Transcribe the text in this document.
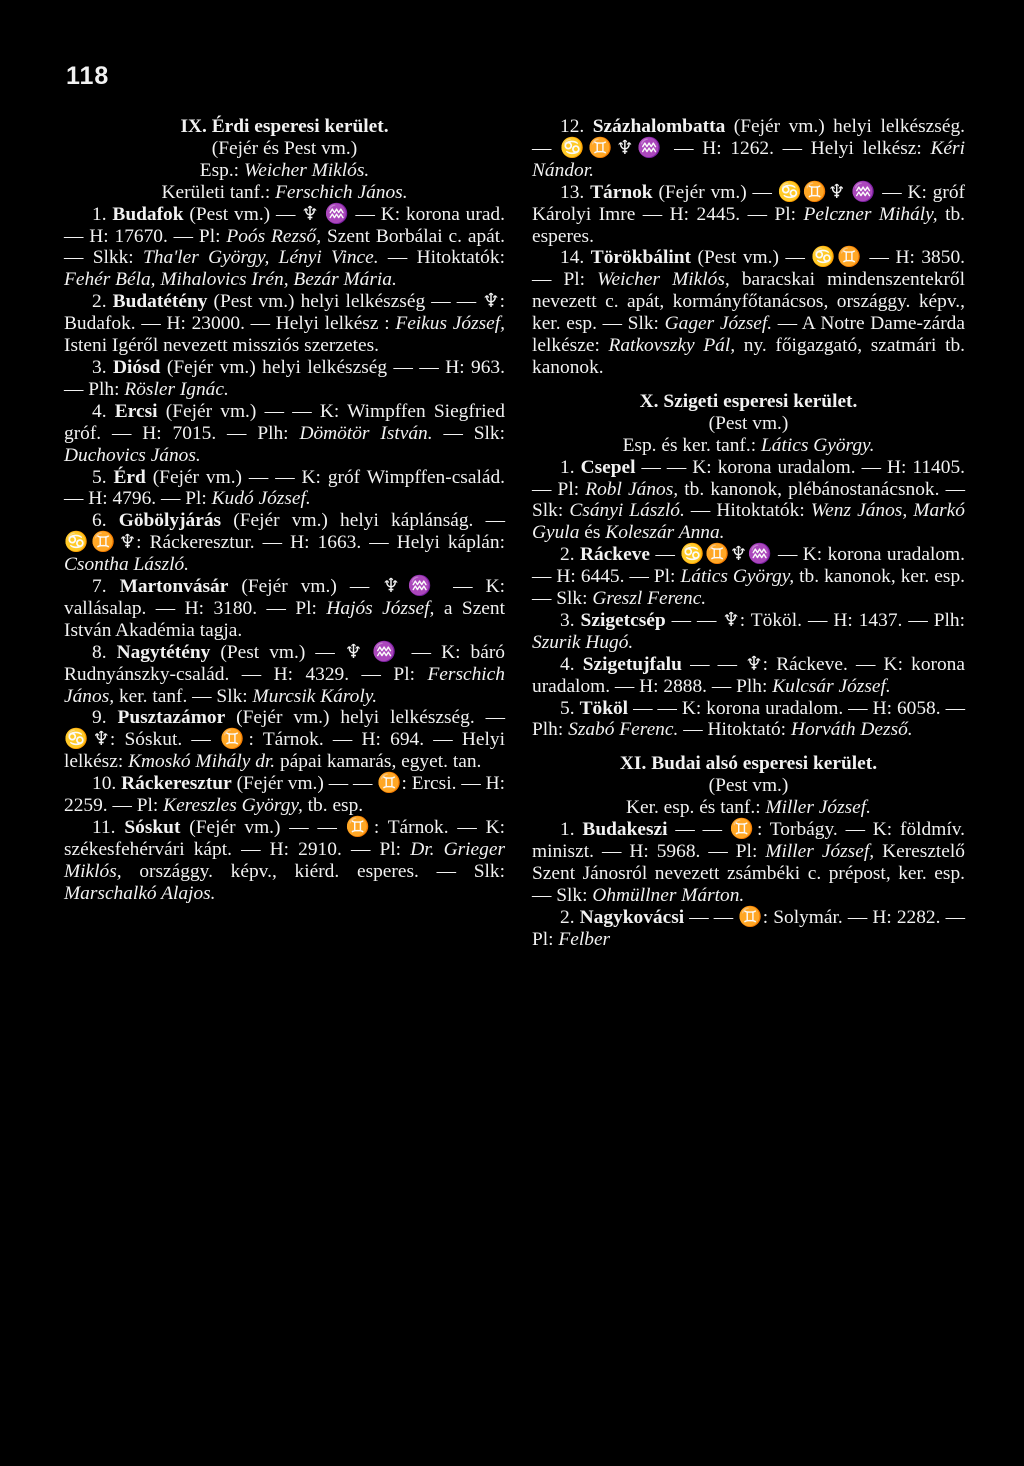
118

IX. Érdi esperesi kerület.

(Fejér és Pest vm.)

Esp.: Weicher Miklós.

Kerületi tanf.: Ferschich János.

1. Budafok (Pest vm.) — ♆ ♒ — K: korona urad. — H: 17670. — Pl: Poós Rezső, Szent Borbálai c. apát. — Slkk: Tha'ler György, Lényi Vince. — Hitoktatók: Fehér Béla, Mihalovics Irén, Bezár Mária.

2. Budatétény (Pest vm.) helyi lelkészség — — ♆: Budafok. — H: 23000. — Helyi lelkész : Feikus József, Isteni Igéről nevezett missziós szerzetes.

3. Diósd (Fejér vm.) helyi lelkészség — — H: 963. — Plh: Rösler Ignác.

4. Ercsi (Fejér vm.) — — K: Wimpffen Siegfried gróf. — H: 7015. — Plh: Dömötör István. — Slk: Duchovics János.

5. Érd (Fejér vm.) — — K: gróf Wimpffen-család. — H: 4796. — Pl: Kudó József.

6. Göbölyjárás (Fejér vm.) helyi káplánság. — ♋♊♆: Ráckeresztur. — H: 1663. — Helyi káplán: Csontha László.

7. Martonvásár (Fejér vm.) — ♆♒ — K: vallásalap. — H: 3180. — Pl: Hajós József, a Szent István Akadémia tagja.

8. Nagytétény (Pest vm.) — ♆ ♒ — K: báró Rudnyánszky-család. — H: 4329. — Pl: Ferschich János, ker. tanf. — Slk: Murcsik Károly.

9. Pusztazámor (Fejér vm.) helyi lelkészség. — ♋♆: Sóskut. — ♊: Tárnok. — H: 694. — Helyi lelkész: Kmoskó Mihály dr. pápai kamarás, egyet. tan.

10. Ráckeresztur (Fejér vm.) — — ♊: Ercsi. — H: 2259. — Pl: Kereszles György, tb. esp.

11. Sóskut (Fejér vm.) — — ♊: Tárnok. — K: székesfehérvári kápt. — H: 2910. — Pl: Dr. Grieger Miklós, országgy. képv., kiérd. esperes. — Slk: Marschalkó Alajos.

12. Százhalombatta (Fejér vm.) helyi lelkészség. — ♋♊♆♒ — H: 1262. — Helyi lelkész: Kéri Nándor.

13. Tárnok (Fejér vm.) — ♋♊♆ ♒ — K: gróf Károlyi Imre — H: 2445. — Pl: Pelczner Mihály, tb. esperes.

14. Törökbálint (Pest vm.) — ♋♊ — H: 3850. — Pl: Weicher Miklós, baracskai mindenszentekről nevezett c. apát, kormányfőtanácsos, országgy. képv., ker. esp. — Slk: Gager József. — A Notre Dame-zárda lelkésze: Ratkovszky Pál, ny. főigazgató, szatmári tb. kanonok.

X. Szigeti esperesi kerület.

(Pest vm.)

Esp. és ker. tanf.: Látics György.

1. Csepel — — K: korona uradalom. — H: 11405. — Pl: Robl János, tb. kanonok, plébánostanácsnok. — Slk: Csányi László. — Hitoktatók: Wenz János, Markó Gyula és Koleszár Anna.

2. Ráckeve — ♋♊♆♒ — K: korona uradalom. — H: 6445. — Pl: Látics György, tb. kanonok, ker. esp. — Slk: Greszl Ferenc.

3. Szigetcsép — — ♆: Tököl. — H: 1437. — Plh: Szurik Hugó.

4. Szigetujfalu — — ♆: Ráckeve. — K: korona uradalom. — H: 2888. — Plh: Kulcsár József.

5. Tököl — — K: korona uradalom. — H: 6058. — Plh: Szabó Ferenc. — Hitoktató: Horváth Dezső.

XI. Budai alsó esperesi kerület.

(Pest vm.)

Ker. esp. és tanf.: Miller József.

1. Budakeszi — — ♊: Torbágy. — K: földmív. miniszt. — H: 5968. — Pl: Miller József, Keresztelő Szent Jánosról nevezett zsámbéki c. prépost, ker. esp. — Slk: Ohmüllner Márton.

2. Nagykovácsi — — ♊: Solymár. — H: 2282. — Pl: Felber
